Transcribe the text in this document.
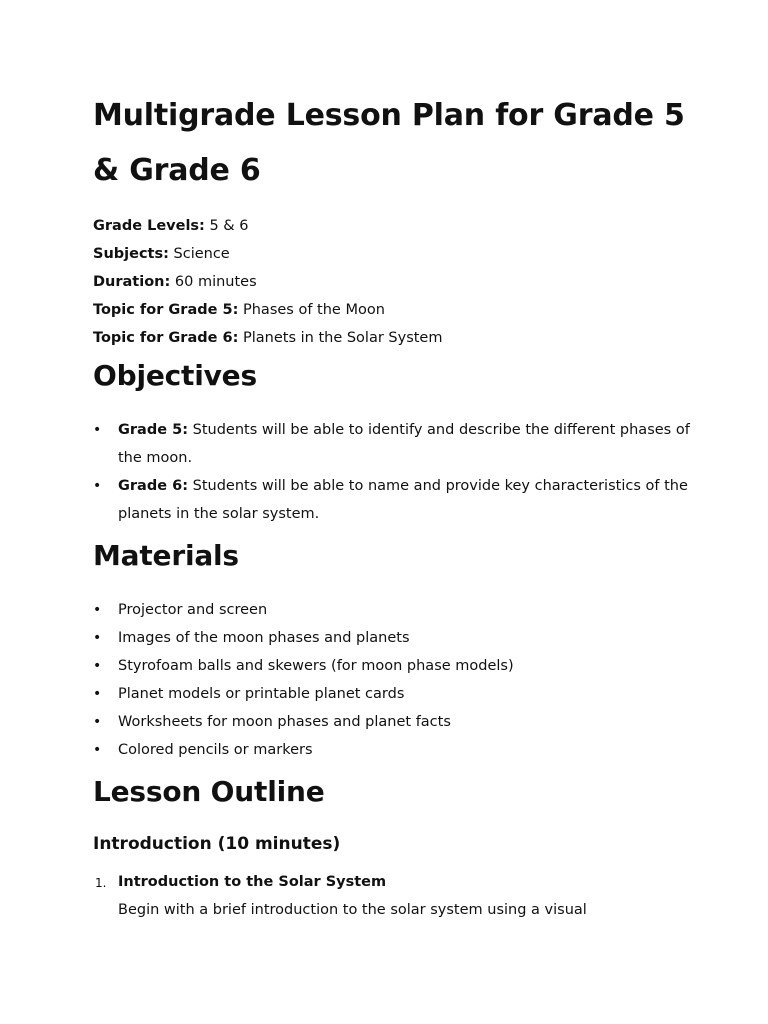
Multigrade Lesson Plan for Grade 5 & Grade 6
Grade Levels: 5 & 6
Subjects: Science
Duration: 60 minutes
Topic for Grade 5: Phases of the Moon
Topic for Grade 6: Planets in the Solar System
Objectives
• Grade 5: Students will be able to identify and describe the different phases of the moon.
• Grade 6: Students will be able to name and provide key characteristics of the planets in the solar system.
Materials
• Projector and screen
• Images of the moon phases and planets
• Styrofoam balls and skewers (for moon phase models)
• Planet models or printable planet cards
• Worksheets for moon phases and planet facts
• Colored pencils or markers
Lesson Outline
Introduction (10 minutes)
1. Introduction to the Solar System
Begin with a brief introduction to the solar system using a visual
